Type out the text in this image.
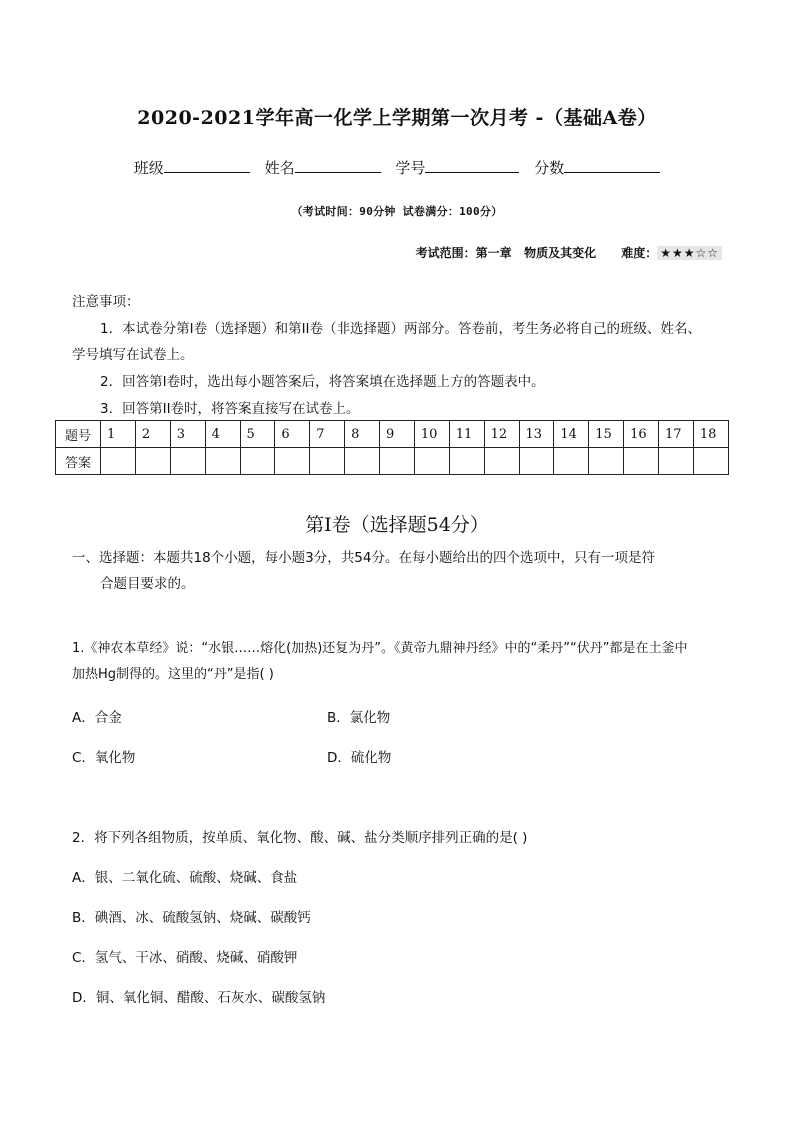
2020-2021学年高一化学上学期第一次月考 -（基础A卷）
班级	姓名	学号	分数
（考试时间：90分钟 试卷满分：100分）
考试范围：第一章   物质及其变化 难度： ★★★☆☆
注意事项：
1．本试卷分第I卷（选择题）和第II卷（非选择题）两部分。答卷前，考生务必将自己的班级、姓名、
学号填写在试卷上。
2．回答第I卷时，选出每小题答案后，将答案填在选择题上方的答题表中。
3．回答第II卷时，将答案直接写在试卷上。
题号	1	2	3	4	5	6	7	8	9	10	11	12	13	14	15	16	17	18
答案																		
第I卷（选择题54分）
一、选择题：本题共18个小题，每小题3分，共54分。在每小题给出的四个选项中，只有一项是符
合题目要求的。
1.《神农本草经》说：“水银……熔化(加热)还复为丹”。《黄帝九鼎神丹经》中的“柔丹”“伏丹”都是在土釜中
加热Hg制得的。这里的“丹”是指( )
A．合金	B．氯化物
C．氧化物	D．硫化物
2．将下列各组物质，按单质、氧化物、酸、碱、盐分类顺序排列正确的是( )
A．银、二氧化硫、硫酸、烧碱、食盐
B．碘酒、冰、硫酸氢钠、烧碱、碳酸钙
C．氢气、干冰、硝酸、烧碱、硝酸钾
D．铜、氧化铜、醋酸、石灰水、碳酸氢钠
